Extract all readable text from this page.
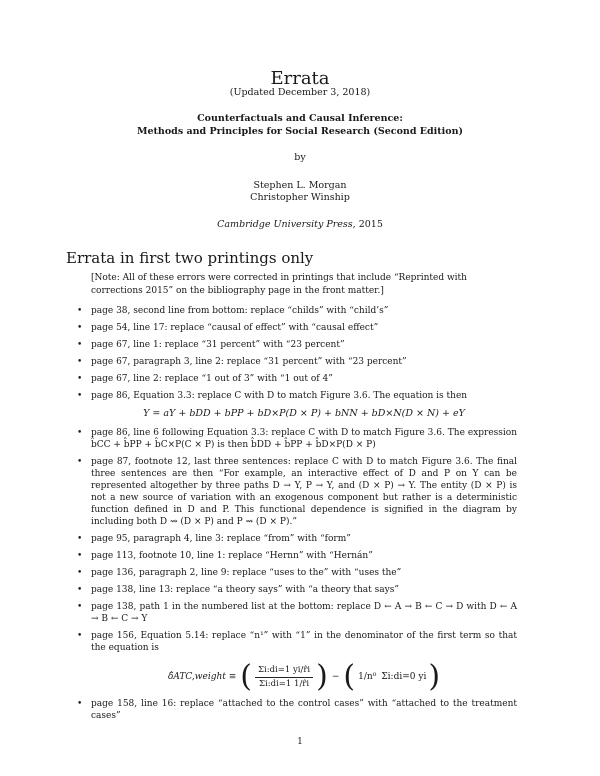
Errata
(Updated December 3, 2018)
Counterfactuals and Causal Inference:
Methods and Principles for Social Research (Second Edition)
by
Stephen L. Morgan
Christopher Winship
Cambridge University Press, 2015
Errata in first two printings only
[Note: All of these errors were corrected in printings that include “Reprinted with corrections 2015” on the bibliography page in the front matter.]
• page 38, second line from bottom: replace “childs” with “child’s”
• page 54, line 17: replace “causal of effect” with “causal effect”
• page 67, line 1: replace “31 percent” with “23 percent”
• page 67, paragraph 3, line 2: replace “31 percent” with “23 percent”
• page 67, line 2: replace “1 out of 3” with “1 out of 4”
• page 86, Equation 3.3: replace C with D to match Figure 3.6. The equation is then
Y = aY + bDD + bPP + bD×P(D × P) + bNN + bD×N(D × N) + eY
• page 86, line 6 following Equation 3.3: replace C with D to match Figure 3.6. The expression b̂CC + b̂PP + b̂C×P(C × P) is then b̂DD + b̂PP + b̂D×P(D × P)
• page 87, footnote 12, last three sentences: replace C with D to match Figure 3.6. The final three sentences are then “For example, an interactive effect of D and P on Y can be represented altogether by three paths D → Y, P → Y, and (D × P) → Y. The entity (D × P) is not a new source of variation with an exogenous component but rather is a deterministic function defined in D and P. This functional dependence is signified in the diagram by including both D ⇝ (D × P) and P ⇝ (D × P).”
• page 95, paragraph 4, line 3: replace “from” with “form”
• page 113, footnote 10, line 1: replace “Hernn” with “Hernán”
• page 136, paragraph 2, line 9: replace “uses to the” with “uses the”
• page 138, line 13: replace “a theory says” with “a theory that says”
• page 138, path 1 in the numbered list at the bottom: replace D ← A → B ← C → D with D ← A → B ← C → Y
• page 156, Equation 5.14: replace “n¹” with “1” in the denominator of the first term so that the equation is
δ̂ATC,weight ≡ ( $\frac{\Sigma i:di=1 yi/r̂i}{\Sigma i:di=1 1/r̂i}$ ) − ( 1/n⁰ Σi:di=0 yi )
• page 158, line 16: replace “attached to the control cases” with “attached to the treatment cases”
1
